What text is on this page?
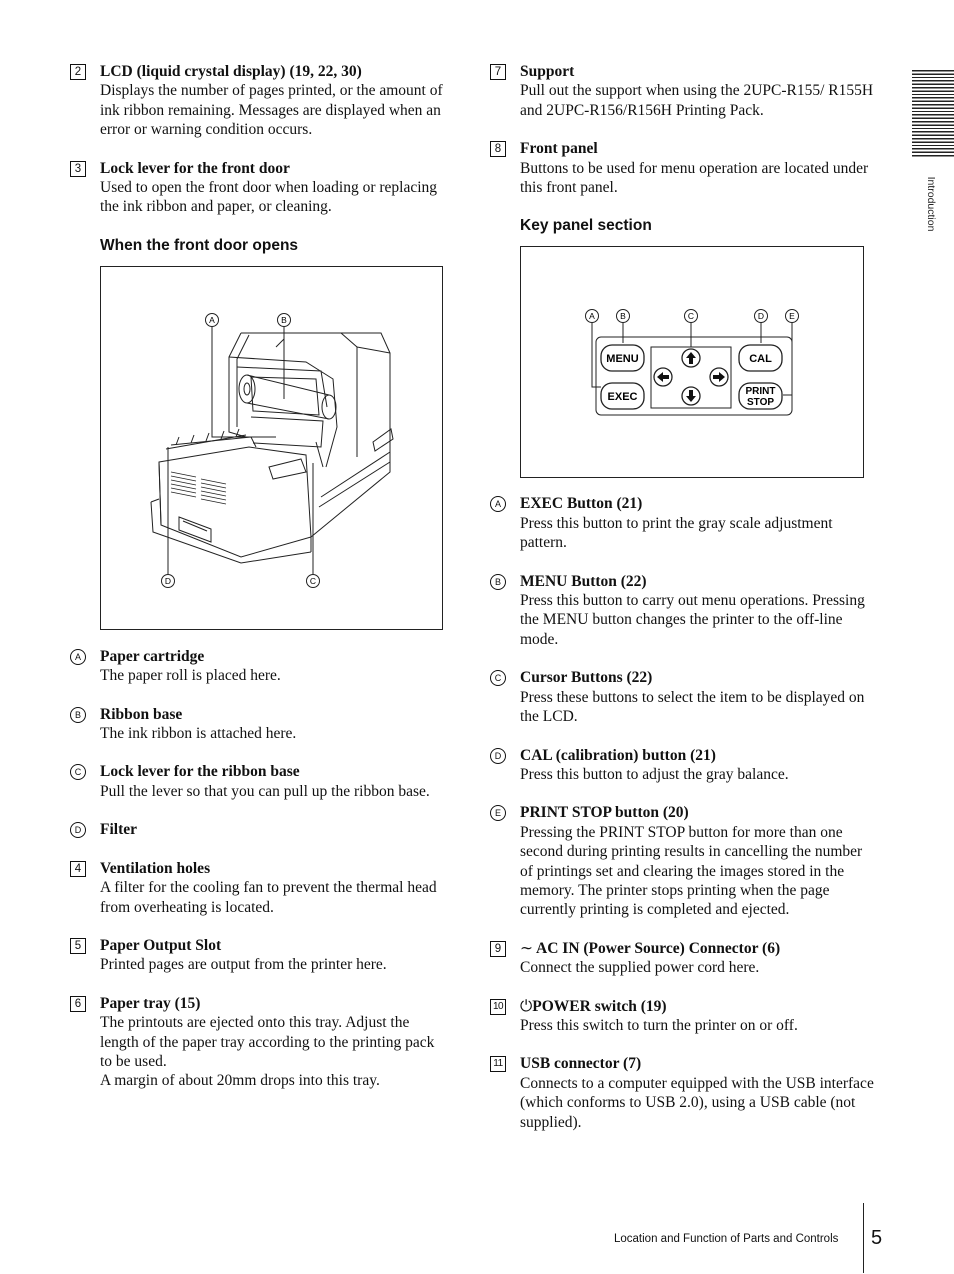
Introduction
2	LCD (liquid crystal display) (19, 22, 30)
Displays the number of pages printed, or the amount of ink ribbon remaining. Messages are displayed when an error or warning condition occurs.
3	Lock lever for the front door
Used to open the front door when loading or replacing the ink ribbon and paper, or cleaning.
When the front door opens
A	B
D	C
A	Paper cartridge
The paper roll is placed here.
B	Ribbon base
The ink ribbon is attached here.
C	Lock lever for the ribbon base
Pull the lever so that you can pull up the ribbon base.
D	Filter
4	Ventilation holes
A filter for the cooling fan to prevent the thermal head from overheating is located.
5	Paper Output Slot
Printed pages are output from the printer here.
6	Paper tray (15)
The printouts are ejected onto this tray. Adjust the length of the paper tray according to the printing pack to be used.
A margin of about 20mm drops into this tray.
7	Support
Pull out the support when using the 2UPC-R155/ R155H and 2UPC-R156/R156H Printing Pack.
8	Front panel
Buttons to be used for menu operation are located under this front panel.
Key panel section
MENU
EXEC
CAL
PRINT
STOP
A	B	C	D	E
A	EXEC Button (21)
Press this button to print the gray scale adjustment pattern.
B	MENU Button (22)
Press this button to carry out menu operations. Pressing the MENU button changes the printer to the off-line mode.
C	Cursor Buttons (22)
Press these buttons to select the item to be displayed on the LCD.
D	CAL (calibration) button (21)
Press this button to adjust the gray balance.
E	PRINT STOP button (20)
Pressing the PRINT STOP button for more than one second during printing results in cancelling the number of printings set and clearing the images stored in the memory. The printer stops printing when the page currently printing is completed and ejected.
9	∼ AC IN (Power Source) Connector (6)
Connect the supplied power cord here.
10 ⏻POWER switch (19)
Press this switch to turn the printer on or off.
11 USB connector (7)
Connects to a computer equipped with the USB interface (which conforms to USB 2.0), using a USB cable (not supplied).
Location and Function of Parts and Controls 5
